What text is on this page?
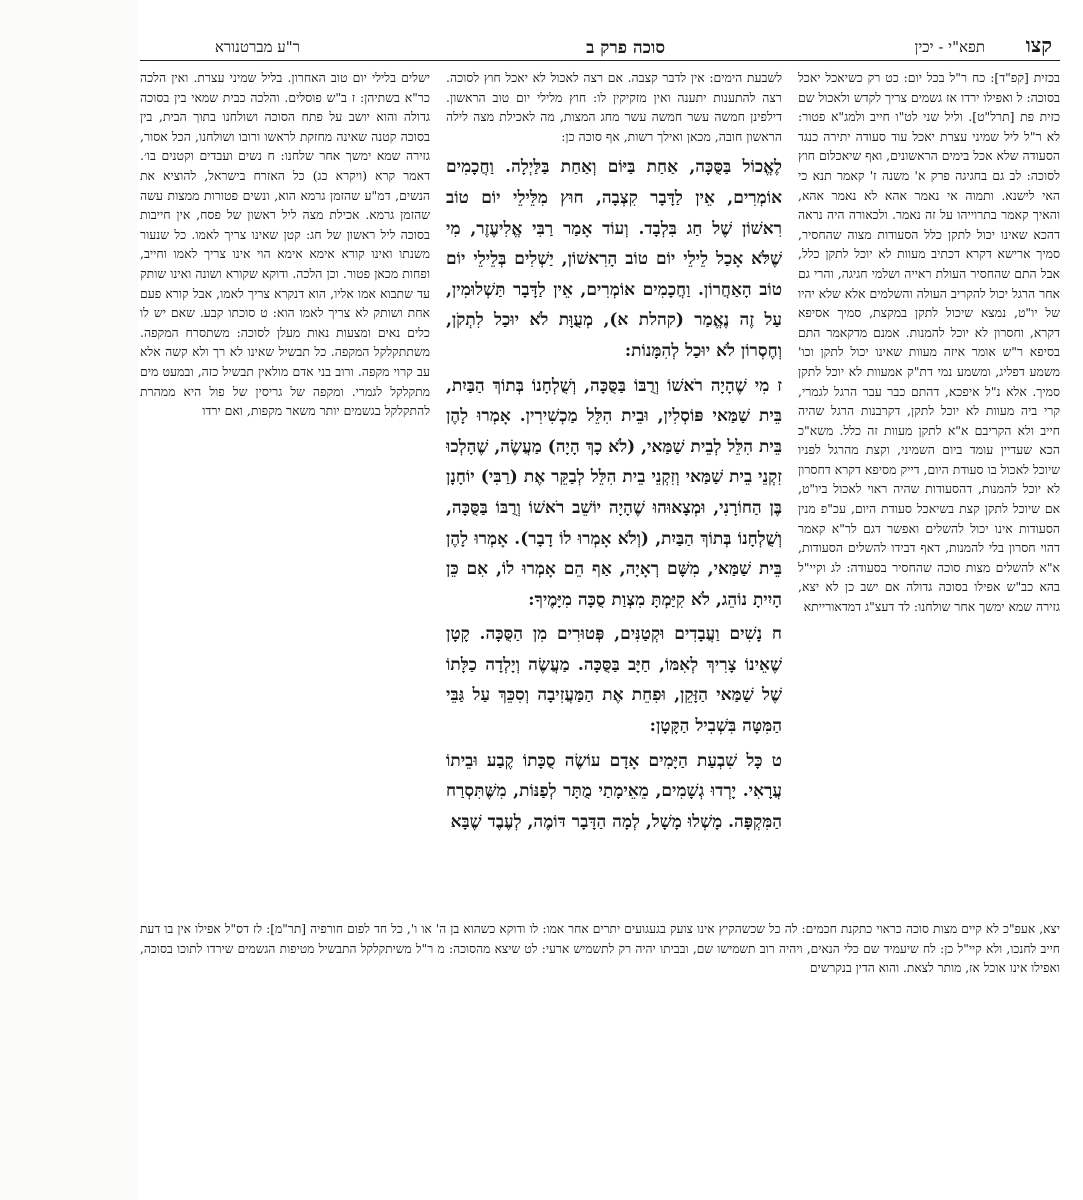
קצו
תפא"י - יכין
סוכה פרק ב
ר"ע מברטנורא

בכזית [קפ"ד]: כח ר"ל בכל יום: כט רק כשיאכל יאכל בסוכה: ל ואפילו ירדו אז גשמים צריך לקדש ולאכול שם כזית פת [תרל"ט]. וליל שני לט"ו חייב ולמג"א פטור: לא ר"ל ליל שמיני עצרת יאכל עוד סעודה יתירה כנגד הסעודה שלא אכל בימים הראשונים, ואף שיאכלום חוץ לסוכה: לב גם בחגיגה פרק א' משנה ז' קאמר תנא כי האי לישנא. ותמוה אי נאמר אהא לא נאמר אהא, והאיך קאמר בתרוייהו על זה נאמר. ולכאורה היה נראה דהכא שאינו יכול לתקן כלל הסעודות מצוה שהחסיר, סמיך ארישא דקרא דכתיב מעוות לא יוכל לתקן כלל, אבל התם שהחסיר העולת ראייה ושלמי חגיגה, והרי גם אחר הרגל יכול להקריב העולה והשלמים אלא שלא יהיו של יו"ט, נמצא שיכול לתקן במקצת, סמיך אסיפא דקרא, וחסרון לא יוכל להמנות. אמנם מדקאמר התם בסיפא ר"ש אומר איזה מעוות שאינו יכול לתקן וכו' משמע דפליג, ומשמע נמי דת"ק אמעוות לא יוכל לתקן סמיך. אלא נ"ל איפכא, דהתם כבר עבר הרגל לגמרי, קרי ביה מעוות לא יוכל לתקן, דקרבנות הרגל שהיה חייב ולא הקריבם א"א לתקן מעוות זה כלל. משא"כ הכא שעדיין עומד ביום השמיני, וקצת מהרגל לפניו שיוכל לאכול בו סעודת היום, דייק מסיפא דקרא דחסרון לא יוכל להמנות, דהסעודות שהיה ראוי לאכול ביו"ט, אם שיוכל לתקן קצת בשיאכל סעודת היום, עכ"פ מנין הסעודות אינו יכול להשלים ואפשר דגם לר"א קאמר דהוי חסרון בלי להמנות, דאף דבידו להשלים הסעודות, א"א להשלים מצות סוכה שהחסיר בסעודה: לג וקיי"ל בהא כב"ש אפילו בסוכה גדולה אם ישב כן לא יצא, גזירה שמא ימשך אחר שולחנו: לד דעצ"ג דמדאורייתא

לשבעת הימים: אין לדבר קצבה. אם רצה לאכול לא יאכל חוץ לסוכה. רצה להתענות יתענה ואין מזקיקין לו: חוץ מלילי יום טוב הראשון. דילפינן חמשה עשר חמשה עשר מחג המצות, מה לאכילת מצה לילה הראשון חובה, מכאן ואילך רשות, אף סוכה כן:

לֶאֱכוֹל בַּסֻּכָּה, אַחַת בַּיּוֹם וְאַחַת בַּלַּיְלָה. וַחֲכָמִים אוֹמְרִים, אֵין לַדָּבָר קִצְבָה, חוּץ מִלֵּילֵי יוֹם טוֹב רִאשׁוֹן שֶׁל חַג בִּלְבָד. וְעוֹד אָמַר רַבִּי אֱלִיעֶזֶר, מִי שֶׁלֹּא אָכַל לֵילֵי יוֹם טוֹב הָרִאשׁוֹן, יַשְׁלִים בְּלֵילֵי יוֹם טוֹב הָאַחֲרוֹן. וַחֲכָמִים אוֹמְרִים, אֵין לַדָּבָר תַּשְׁלוּמִין, עַל זֶה נֶאֱמַר (קהלת א), מְעֻוָּת לֹא יוּכַל לִתְקֹן, וְחֶסְרוֹן לֹא יוּכַל לְהִמָּנוֹת:

ז מִי שֶׁהָיָה רֹאשׁוֹ וְרֻבּוֹ בַּסֻּכָּה, וְשֻׁלְחָנוֹ בְּתוֹךְ הַבַּיִת, בֵּית שַׁמַּאי פּוֹסְלִין, וּבֵית הִלֵּל מַכְשִׁירִין. אָמְרוּ לָהֶן בֵּית הִלֵּל לְבֵית שַׁמַּאי, (לֹא כָךְ הָיָה) מַעֲשֶׂה, שֶׁהָלְכוּ זִקְנֵי בֵית שַׁמַּאי וְזִקְנֵי בֵית הִלֵּל לְבַקֵּר אֶת (רַבִּי) יוֹחָנָן בֶּן הַחוֹרָנִי, וּמְצָאוּהוּ שֶׁהָיָה יוֹשֵׁב רֹאשׁוֹ וְרֻבּוֹ בַּסֻּכָּה, וְשֻׁלְחָנוֹ בְּתוֹךְ הַבַּיִת, (וְלֹא אָמְרוּ לוֹ דָבָר). אָמְרוּ לָהֶן בֵּית שַׁמַּאי, מִשָּׁם רְאָיָה, אַף הֵם אָמְרוּ לוֹ, אִם כֵּן הָיִיתָ נוֹהֵג, לֹא קִיַּמְתָּ מִצְוַת סֻכָּה מִיָּמֶיךָ:

ח נָשִׁים וַעֲבָדִים וּקְטַנִּים, פְּטוּרִים מִן הַסֻּכָּה. קָטָן שֶׁאֵינוֹ צָרִיךְ לְאִמּוֹ, חַיָּב בַּסֻּכָּה. מַעֲשֶׂה וְיָלְדָה כַלָּתוֹ שֶׁל שַׁמַּאי הַזָּקֵן, וּפִחֵת אֶת הַמַּעֲזִיבָה וְסִכֵּךְ עַל גַּבֵּי הַמִּטָּה בִּשְׁבִיל הַקָּטָן:

ט כָּל שִׁבְעַת הַיָּמִים אָדָם עוֹשֶׂה סֻכָּתוֹ קֶבַע וּבֵיתוֹ עֲרָאִי. יָרְדוּ גְשָׁמִים, מֵאֵימָתַי מֻתָּר לְפַנּוֹת, מִשֶּׁתִּסְרַח הַמִּקְפָּה. מָשְׁלוּ מָשָׁל, לְמָה הַדָּבָר דּוֹמֶה, לְעֶבֶד שֶׁבָּא

ישלים בלילי יום טוב האחרון. בליל שמיני עצרת. ואין הלכה כר"א בשתיהן: ז ב"ש פוסלים. והלכה כבית שמאי בין בסוכה גדולה והוא יושב על פתח הסוכה ושולחנו בתוך הבית, בין בסוכה קטנה שאינה מחזקת לראשו ורובו ושולחנו, הכל אסור, גזירה שמא ימשך אחר שלחנו: ח נשים ועבדים וקטנים בו׳. דאמר קרא (ויקרא כג) כל האזרח בישראל, להוציא את הנשים, דמ"ע שהזמן גרמא הוא, ונשים פטורות ממצות עשה שהזמן גרמא. אכילת מצה ליל ראשון של פסח, אין חייבות בסוכה ליל ראשון של חג: קטן שאינו צריך לאמו. כל שנעור משנתו ואינו קורא אימא אימא הוי אינו צריך לאמו וחייב, ופחות מכאן פטור. וכן הלכה. ודוקא שקורא ושונה ואינו שותק עד שתבוא אמו אליו, הוא דנקרא צריך לאמו, אבל קורא פעם אחת ושותק לא צריך לאמו הוא: ט סוכתו קבע. שאם יש לו כלים נאים ומצעות נאות מעלן לסוכה: משתסרח המקפה. משתתקלקל המקפה. כל תבשיל שאינו לא רך ולא קשה אלא עב קרוי מקפה. ורוב בני אדם מולאין תבשיל כזה, ובמעט מים מתקלקל לגמרי. ומקפה של גריסין של פול היא ממהרת להתקלקל בגשמים יותר משאר מקפות, ואם ירדו

יצא, אעפ"כ לא קיים מצות סוכה כראוי כתקנת חכמים: לה כל שכשהקיץ אינו צועק בגעגועים יתרים אחר אמו: לו ודוקא כשהוא בן ה' או ו', כל חד לפום חורפיה [תר"מ]: לז דס"ל אפילו אין בו דעת חייב לחנכו, ולא קיי"ל כן: לח שיעמיד שם כלי הנאים, ויהיה רוב תשמישו שם, ובביתו יהיה רק לתשמיש ארעי: לט שיצא מהסוכה: מ ר"ל משיתקלקל התבשיל מטיפות הגשמים שירדו לתוכו בסוכה, ואפילו אינו אוכל אז, מותר לצאת. והוא הדין בנקרשים
